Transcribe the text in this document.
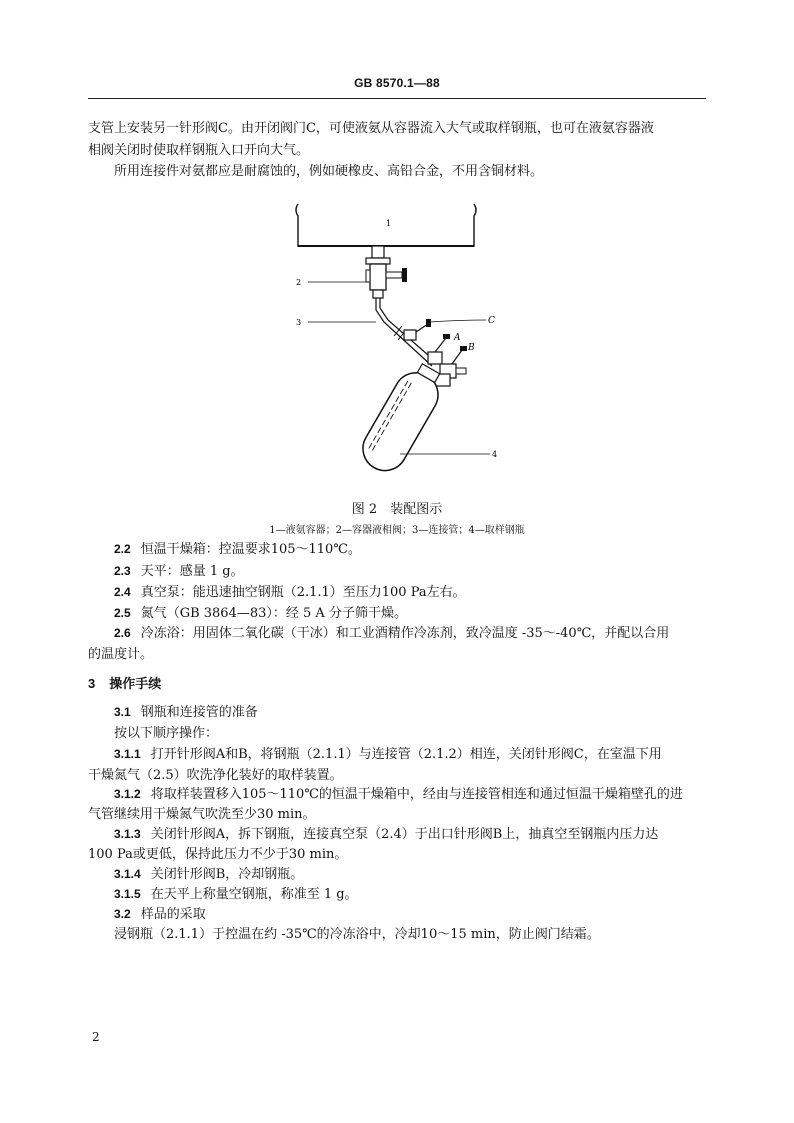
GB 8570.1—88
支管上安装另一针形阀C。由开闭阀门C，可使液氨从容器流入大气或取样钢瓶，也可在液氨容器液
相阀关闭时使取样钢瓶入口开向大气。
所用连接件对氨都应是耐腐蚀的，例如硬橡皮、高铅合金，不用含铜材料。
1
2
3	C
A
B
4
图 2　装配图示
1—液氨容器；2—容器液相阀；3—连接管；4—取样钢瓶
2.2 恒温干燥箱：控温要求105～110℃。
2.3 天平：感量 1 g。
2.4 真空泵：能迅速抽空钢瓶（2.1.1）至压力100 Pa左右。
2.5 氮气（GB 3864—83）：经 5 A 分子筛干燥。
2.6 冷冻浴：用固体二氧化碳（干冰）和工业酒精作冷冻剂，致冷温度 -35～-40℃，并配以合用
的温度计。
3 操作手续
3.1 钢瓶和连接管的准备
按以下顺序操作：
3.1.1 打开针形阀A和B，将钢瓶（2.1.1）与连接管（2.1.2）相连，关闭针形阀C，在室温下用
干燥氮气（2.5）吹洗净化装好的取样装置。
3.1.2 将取样装置移入105～110℃的恒温干燥箱中，经由与连接管相连和通过恒温干燥箱壁孔的进
气管继续用干燥氮气吹洗至少30 min。
3.1.3 关闭针形阀A，拆下钢瓶，连接真空泵（2.4）于出口针形阀B上，抽真空至钢瓶内压力达
100 Pa或更低，保持此压力不少于30 min。
3.1.4 关闭针形阀B，冷却钢瓶。
3.1.5 在天平上称量空钢瓶，称准至 1 g。
3.2 样品的采取
浸钢瓶（2.1.1）于控温在约 -35℃的冷冻浴中，冷却10～15 min，防止阀门结霜。
2
